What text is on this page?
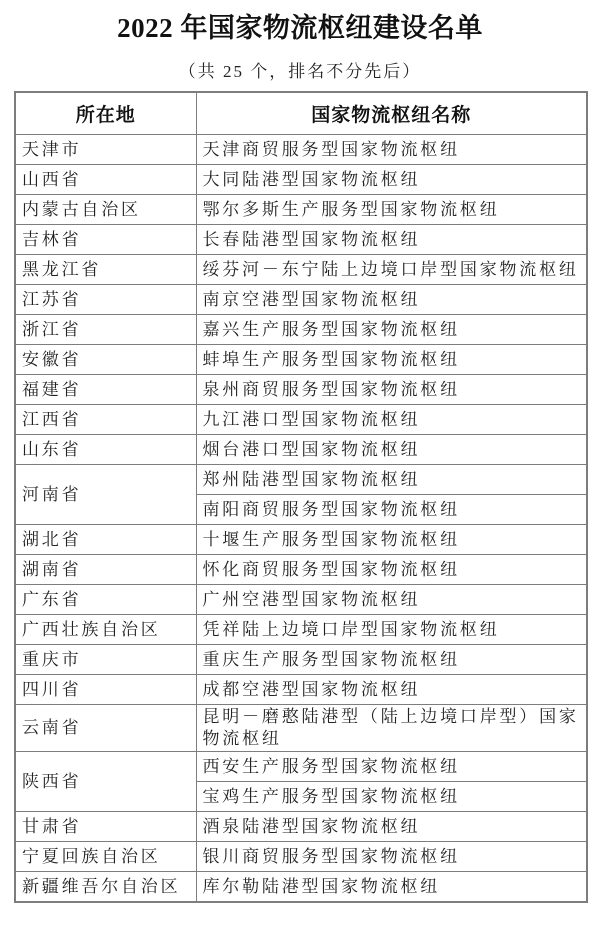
2022 年国家物流枢纽建设名单
（共 25 个，排名不分先后）
所在地	国家物流枢纽名称
天津市	天津商贸服务型国家物流枢纽
山西省	大同陆港型国家物流枢纽
内蒙古自治区	鄂尔多斯生产服务型国家物流枢纽
吉林省	长春陆港型国家物流枢纽
黑龙江省	绥芬河－东宁陆上边境口岸型国家物流枢纽
江苏省	南京空港型国家物流枢纽
浙江省	嘉兴生产服务型国家物流枢纽
安徽省	蚌埠生产服务型国家物流枢纽
福建省	泉州商贸服务型国家物流枢纽
江西省	九江港口型国家物流枢纽
山东省	烟台港口型国家物流枢纽
河南省	郑州陆港型国家物流枢纽
	南阳商贸服务型国家物流枢纽
湖北省	十堰生产服务型国家物流枢纽
湖南省	怀化商贸服务型国家物流枢纽
广东省	广州空港型国家物流枢纽
广西壮族自治区	凭祥陆上边境口岸型国家物流枢纽
重庆市	重庆生产服务型国家物流枢纽
四川省	成都空港型国家物流枢纽
云南省	昆明－磨憨陆港型（陆上边境口岸型）国家物流枢纽
陕西省	西安生产服务型国家物流枢纽
	宝鸡生产服务型国家物流枢纽
甘肃省	酒泉陆港型国家物流枢纽
宁夏回族自治区	银川商贸服务型国家物流枢纽
新疆维吾尔自治区	库尔勒陆港型国家物流枢纽
